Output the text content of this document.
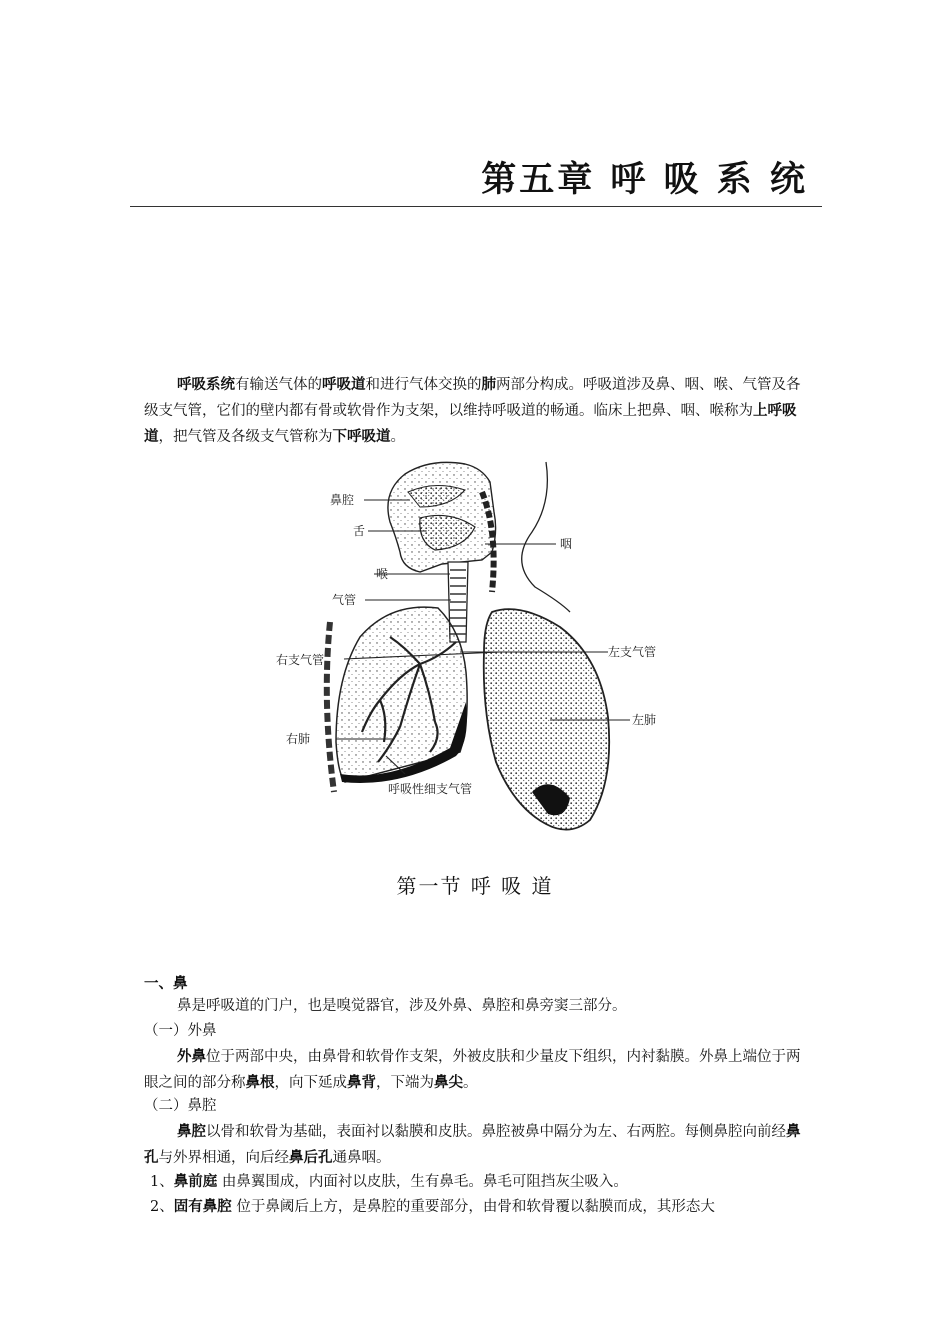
第五章 呼 吸 系 统

呼吸系统有输送气体的呼吸道和进行气体交换的肺两部分构成。呼吸道涉及鼻、咽、喉、气管及各级支气管，它们的壁内都有骨或软骨作为支架，以维持呼吸道的畅通。临床上把鼻、咽、喉称为上呼吸道，把气管及各级支气管称为下呼吸道。

鼻腔
舌
喉
气管
右支气管
右肺
咽
左支气管
左肺
呼吸性细支气管
第一节 呼 吸 道
一、鼻

鼻是呼吸道的门户，也是嗅觉器官，涉及外鼻、鼻腔和鼻旁窦三部分。

（一）外鼻

外鼻位于两部中央，由鼻骨和软骨作支架，外被皮肤和少量皮下组织，内衬黏膜。外鼻上端位于两眼之间的部分称鼻根，向下延成鼻背，下端为鼻尖。

（二）鼻腔

鼻腔以骨和软骨为基础，表面衬以黏膜和皮肤。鼻腔被鼻中隔分为左、右两腔。每侧鼻腔向前经鼻孔与外界相通，向后经鼻后孔通鼻咽。

1、鼻前庭 由鼻翼围成，内面衬以皮肤，生有鼻毛。鼻毛可阻挡灰尘吸入。

2、固有鼻腔 位于鼻阈后上方，是鼻腔的重要部分，由骨和软骨覆以黏膜而成，其形态大
